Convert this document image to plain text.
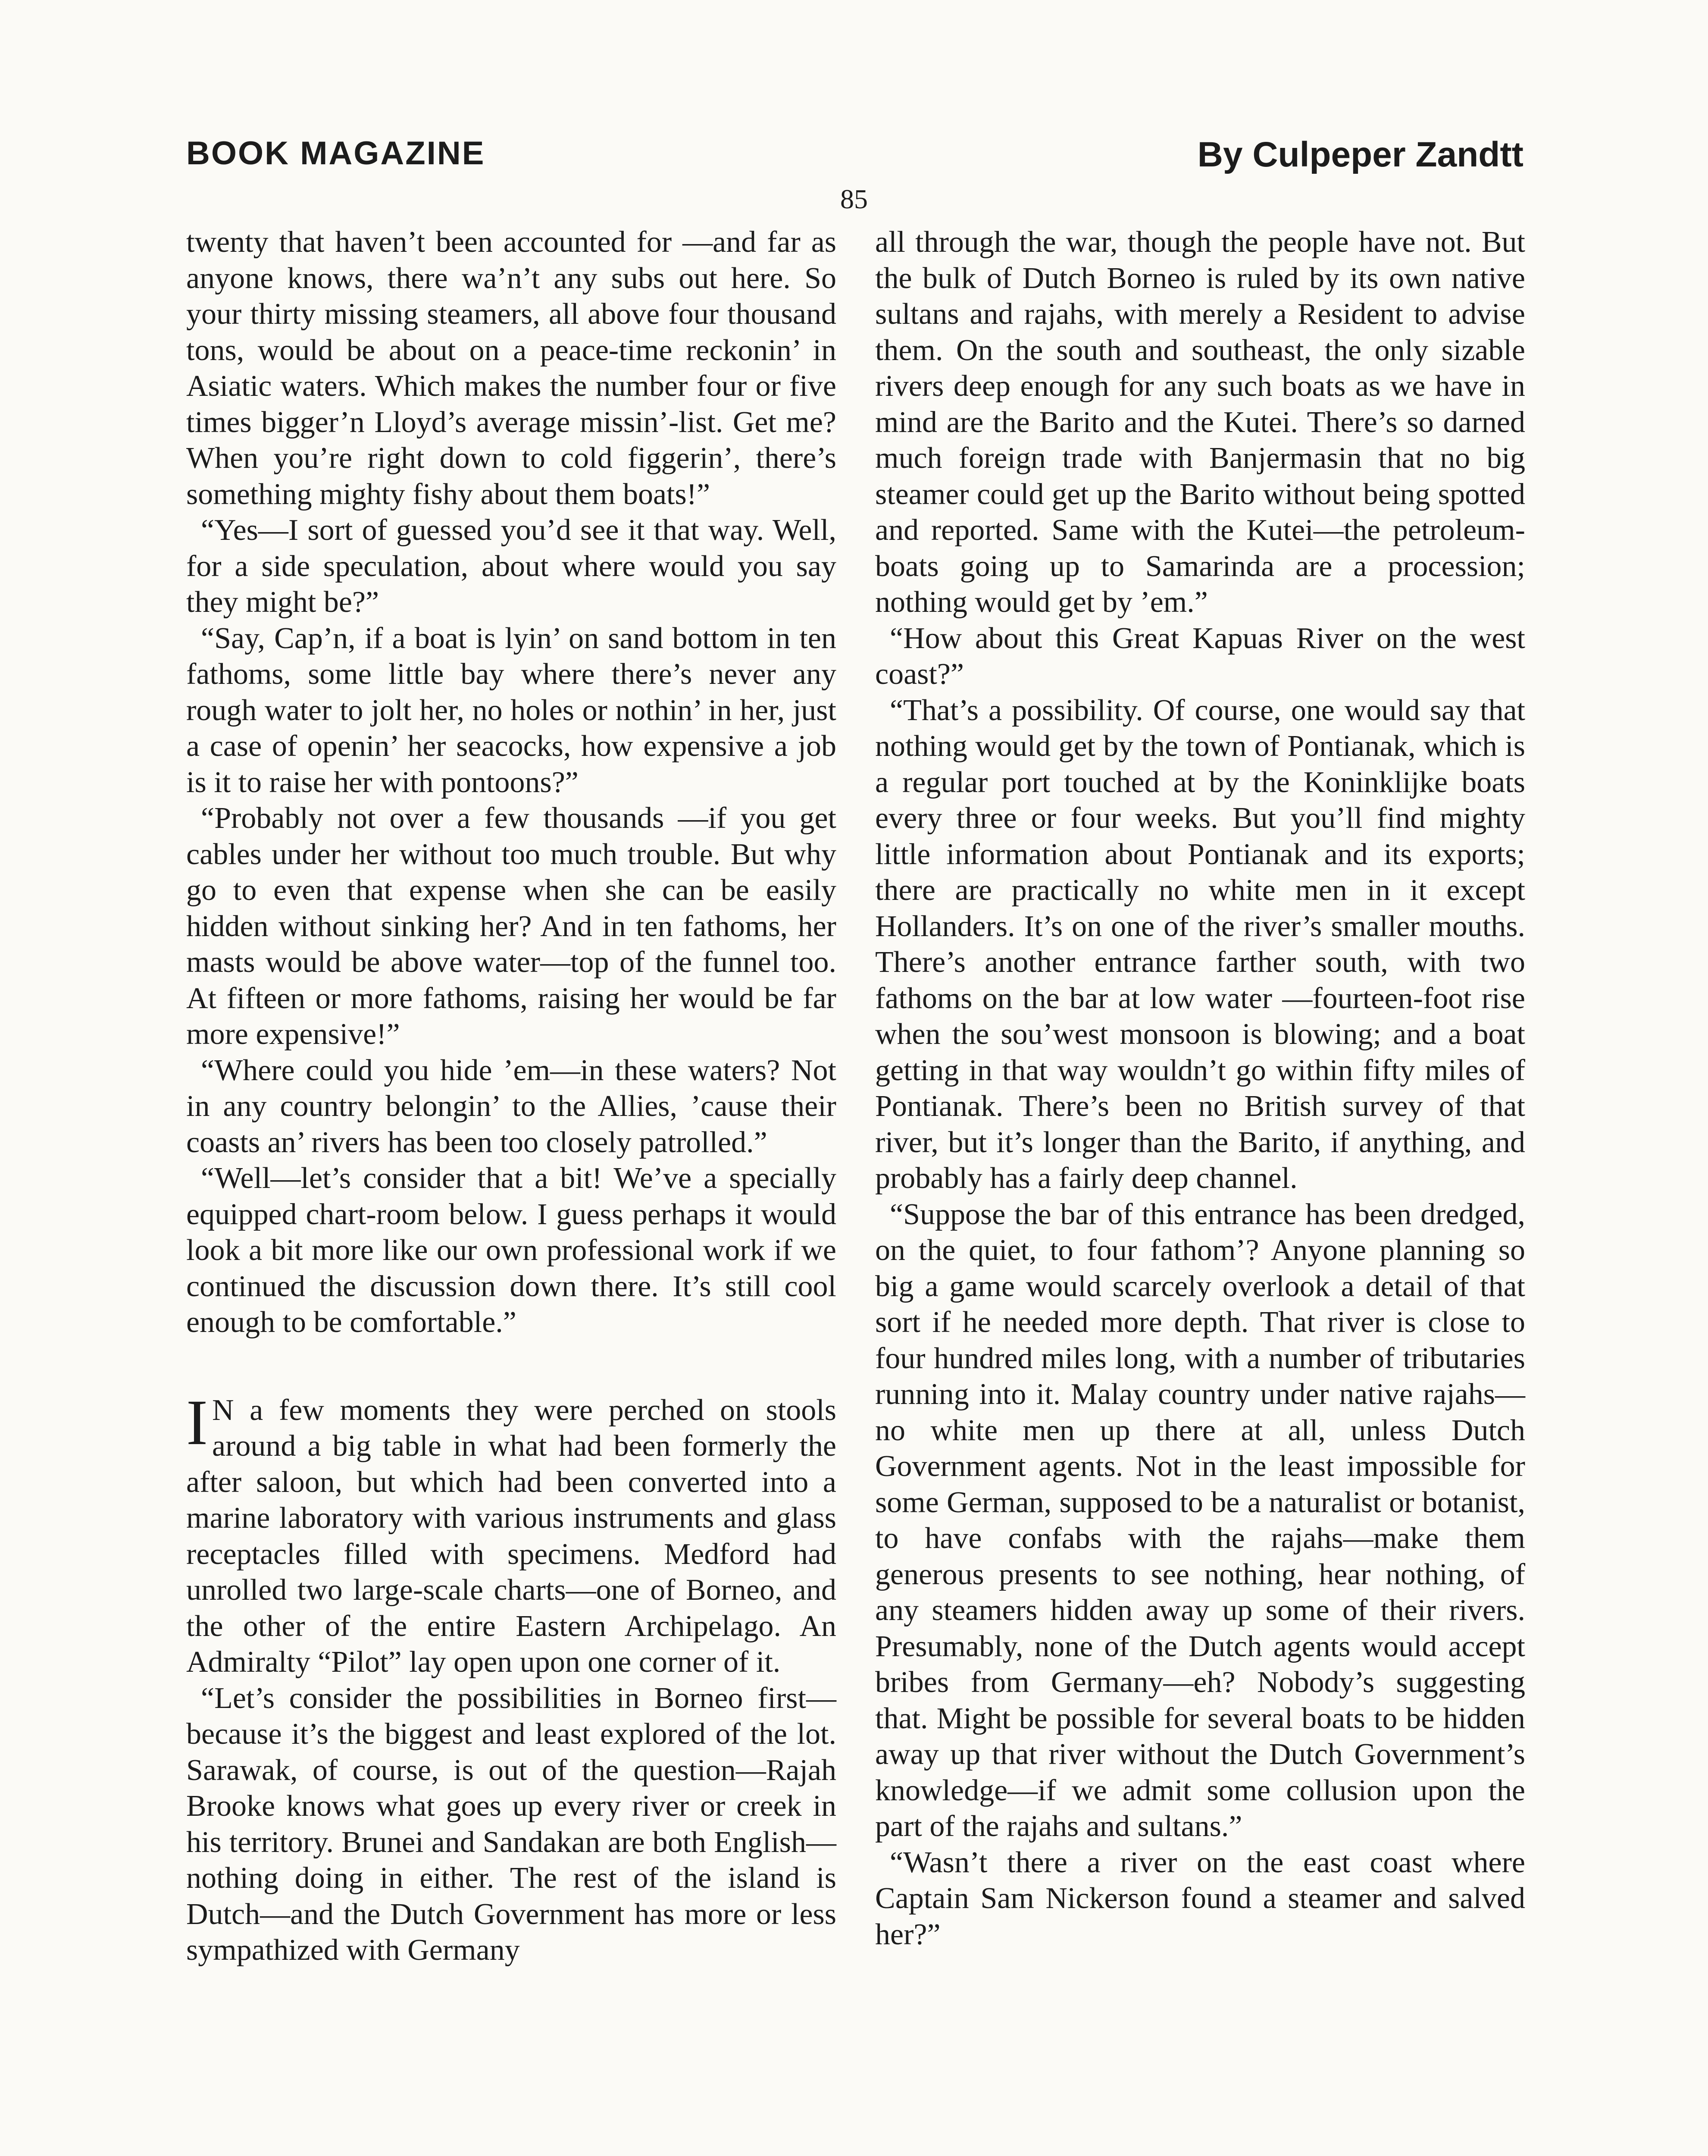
BOOK MAGAZINE	By Culpeper Zandtt
85

twenty that haven’t been accounted for —and far as anyone knows, there wa’n’t any subs out here. So your thirty missing steamers, all above four thousand tons, would be about on a peace-time reckonin’ in Asiatic waters. Which makes the number four or five times bigger’n Lloyd’s average missin’-list. Get me? When you’re right down to cold figgerin’, there’s something mighty fishy about them boats!”

“Yes—I sort of guessed you’d see it that way. Well, for a side speculation, about where would you say they might be?”

“Say, Cap’n, if a boat is lyin’ on sand bottom in ten fathoms, some little bay where there’s never any rough water to jolt her, no holes or nothin’ in her, just a case of openin’ her seacocks, how expensive a job is it to raise her with pontoons?”

“Probably not over a few thousands —if you get cables under her without too much trouble. But why go to even that expense when she can be easily hidden without sinking her? And in ten fathoms, her masts would be above water—top of the funnel too. At fifteen or more fathoms, raising her would be far more expensive!”

“Where could you hide ’em—in these waters? Not in any country belongin’ to the Allies, ’cause their coasts an’ rivers has been too closely patrolled.”

“Well—let’s consider that a bit! We’ve a specially equipped chart-room below. I guess perhaps it would look a bit more like our own professional work if we continued the discussion down there. It’s still cool enough to be comfortable.”

I N a few moments they were perched on stools around a big table in what had been formerly the after saloon, but which had been converted into a marine laboratory with various instruments and glass receptacles filled with specimens. Medford had unrolled two large-scale charts—one of Borneo, and the other of the entire Eastern Archipelago. An Admiralty “Pilot” lay open upon one corner of it.

“Let’s consider the possibilities in Borneo first—because it’s the biggest and least explored of the lot. Sarawak, of course, is out of the question—Rajah Brooke knows what goes up every river or creek in his territory. Brunei and Sandakan are both English—nothing doing in either. The rest of the island is Dutch—and the Dutch Government has more or less sympathized with Germany

all through the war, though the people have not. But the bulk of Dutch Borneo is ruled by its own native sultans and rajahs, with merely a Resident to advise them. On the south and southeast, the only sizable rivers deep enough for any such boats as we have in mind are the Barito and the Kutei. There’s so darned much foreign trade with Banjermasin that no big steamer could get up the Barito without being spotted and reported. Same with the Kutei—the petroleum-boats going up to Samarinda are a procession; nothing would get by ’em.”

“How about this Great Kapuas River on the west coast?”

“That’s a possibility. Of course, one would say that nothing would get by the town of Pontianak, which is a regular port touched at by the Koninklijke boats every three or four weeks. But you’ll find mighty little information about Pontianak and its exports; there are practically no white men in it except Hollanders. It’s on one of the river’s smaller mouths. There’s another entrance farther south, with two fathoms on the bar at low water —fourteen-foot rise when the sou’west monsoon is blowing; and a boat getting in that way wouldn’t go within fifty miles of Pontianak. There’s been no British survey of that river, but it’s longer than the Barito, if anything, and probably has a fairly deep channel.

“Suppose the bar of this entrance has been dredged, on the quiet, to four fathom’? Anyone planning so big a game would scarcely overlook a detail of that sort if he needed more depth. That river is close to four hundred miles long, with a number of tributaries running into it. Malay country under native rajahs—no white men up there at all, unless Dutch Government agents. Not in the least impossible for some German, supposed to be a naturalist or botanist, to have confabs with the rajahs—make them generous presents to see nothing, hear nothing, of any steamers hidden away up some of their rivers. Presumably, none of the Dutch agents would accept bribes from Germany—eh? Nobody’s suggesting that. Might be possible for several boats to be hidden away up that river without the Dutch Government’s knowledge—if we admit some collusion upon the part of the rajahs and sultans.”

“Wasn’t there a river on the east coast where Captain Sam Nickerson found a steamer and salved her?”
